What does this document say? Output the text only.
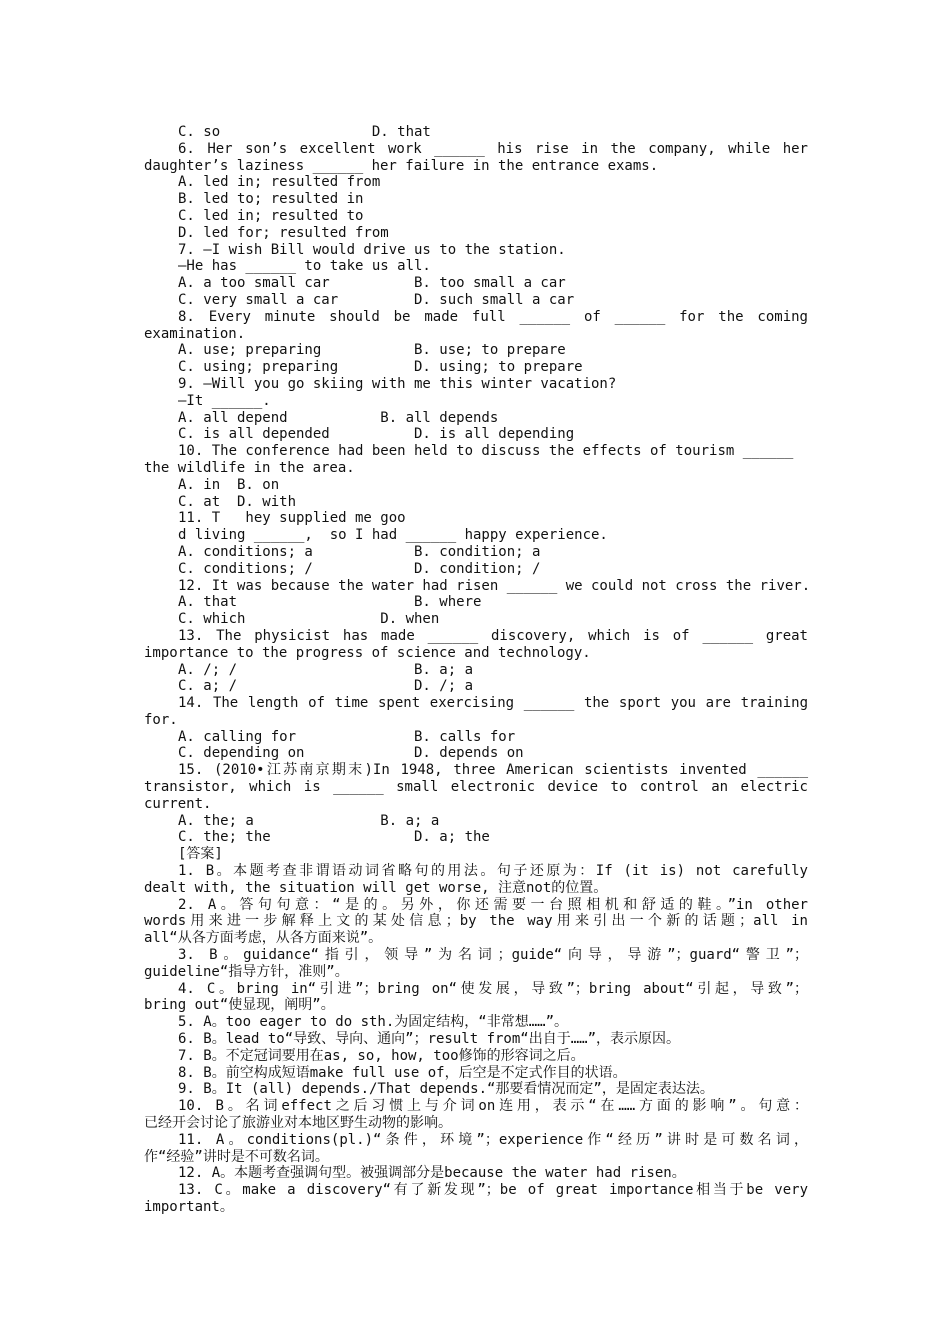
C. so                  D. that
6. Her son’s excellent work ______ his rise in the company, while her
daughter’s laziness ______ her failure in the entrance exams.
A. led in; resulted from
B. led to; resulted in
C. led in; resulted to
D. led for; resulted from
7. —I wish Bill would drive us to the station.
—He has ______ to take us all.
A. a too small car          B. too small a car
C. very small a car         D. such small a car
8. Every minute should be made full ______ of ______ for the coming
examination.
A. use; preparing           B. use; to prepare
C. using; preparing         D. using; to prepare
9. —Will you go skiing with me this winter vacation?
—It ______.
A. all depend           B. all depends
C. is all depended          D. is all depending
10. The conference had been held to discuss the effects of tourism ______
the wildlife in the area.
A. in  B. on
C. at  D. with
11. T   hey supplied me goo
d living ______,  so I had ______ happy experience.
A. conditions; a            B. condition; a
C. conditions; /            D. condition; /
12. It was because the water had risen ______ we could not cross the river.
A. that                     B. where
C. which                D. when
13. The physicist has made ______ discovery, which is of ______ great
importance to the progress of science and technology.
A. /; /                     B. a; a
C. a; /                     D. /; a
14. The length of time spent exercising ______ the sport you are training
for.
A. calling for              B. calls for
C. depending on             D. depends on
15. (2010•江苏南京期末)In 1948, three American scientists invented ______
transistor, which is ______ small electronic device to control an electric
current.
A. the; a               B. a; a
C. the; the                 D. a; the
[答案]
1. B。本题考查非谓语动词省略句的用法。句子还原为：If (it is) not carefully
dealt with, the situation will get worse, 注意not的位置。
2. A。答句句意：“是的。另外，你还需要一台照相机和舒适的鞋。”in other
words用来进一步解释上文的某处信息；by the way用来引出一个新的话题；all in
all“从各方面考虑，从各方面来说”。
3. B。guidance“指引，领导”为名词；guide“向导，导游”；guard“警卫”；
guideline“指导方针，准则”。
4. C。bring in“引进”；bring on“使发展，导致”；bring about“引起，导致”；
bring out“使显现，阐明”。
5. A。too eager to do sth.为固定结构，“非常想……”。
6. B。lead to“导致、导向、通向”；result from“出自于……”，表示原因。
7. B。不定冠词要用在as, so, how, too修饰的形容词之后。
8. B。前空构成短语make full use of，后空是不定式作目的状语。
9. B。It (all) depends./That depends.“那要看情况而定”，是固定表达法。
10. B。名词effect之后习惯上与介词on连用，表示“在……方面的影响”。句意：
已经开会讨论了旅游业对本地区野生动物的影响。
11. A。conditions(pl.)“条件，环境”；experience作“经历”讲时是可数名词，
作“经验”讲时是不可数名词。
12. A。本题考查强调句型。被强调部分是because the water had risen。
13. C。make a discovery“有了新发现”；be of great importance相当于be very
important。
